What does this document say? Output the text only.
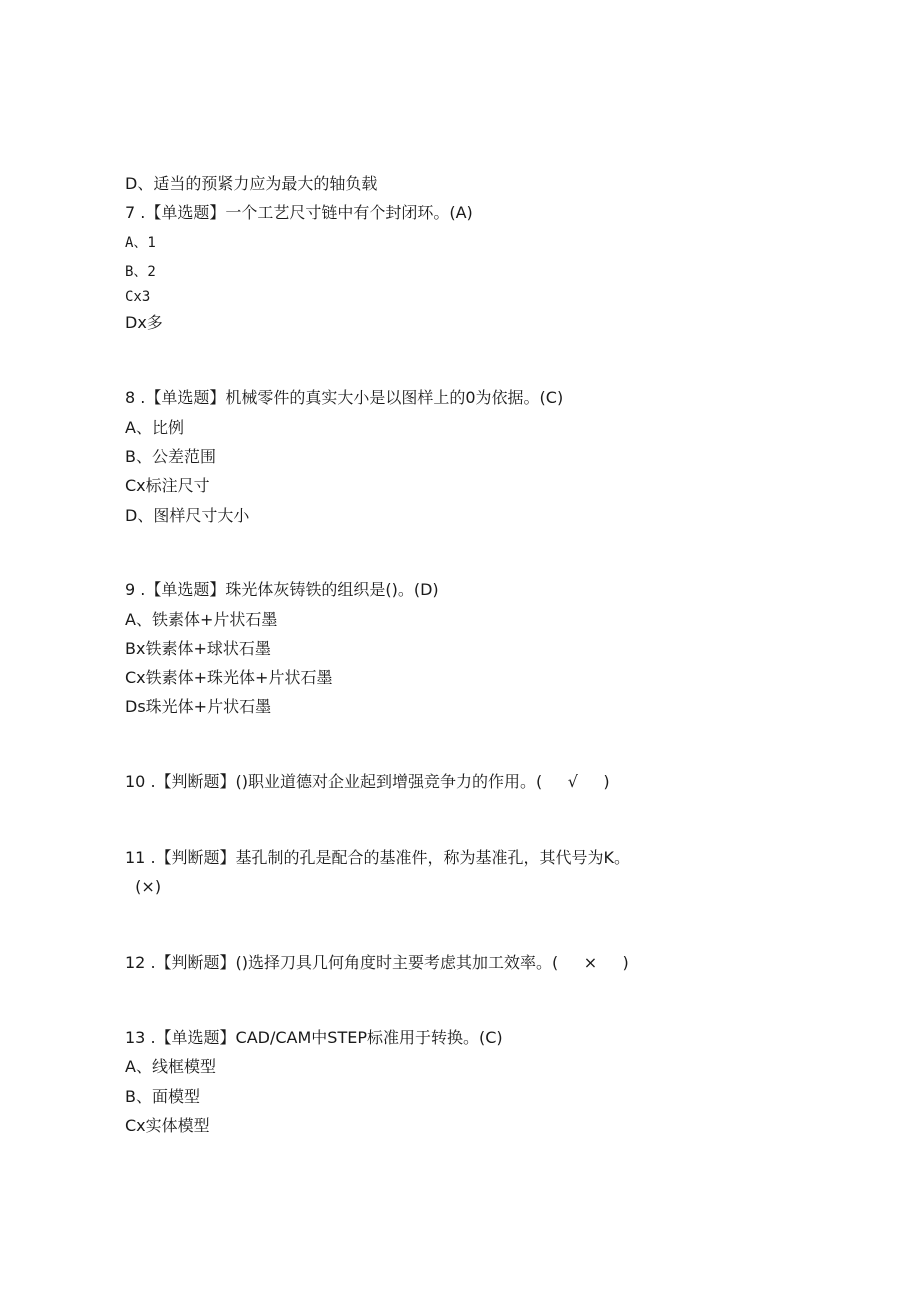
D、适当的预紧力应为最大的轴负载
7 .【单选题】一个工艺尺寸链中有个封闭环。(A)
A、1
B、2
Cx3
Dx多
8 .【单选题】机械零件的真实大小是以图样上的0为依据。(C)
A、比例
B、公差范围
Cx标注尺寸
D、图样尺寸大小
9 .【单选题】珠光体灰铸铁的组织是()。(D)
A、铁素体+片状石墨
Bx铁素体+球状石墨
Cx铁素体+珠光体+片状石墨
Ds珠光体+片状石墨
10 .【判断题】()职业道德对企业起到增强竞争力的作用。(     √     )
11 .【判断题】基孔制的孔是配合的基准件，称为基准孔，其代号为K。
(×)
12 .【判断题】()选择刀具几何角度时主要考虑其加工效率。(     ×     )
13 .【单选题】CAD/CAM中STEP标准用于转换。(C)
A、线框模型
B、面模型
Cx实体模型
